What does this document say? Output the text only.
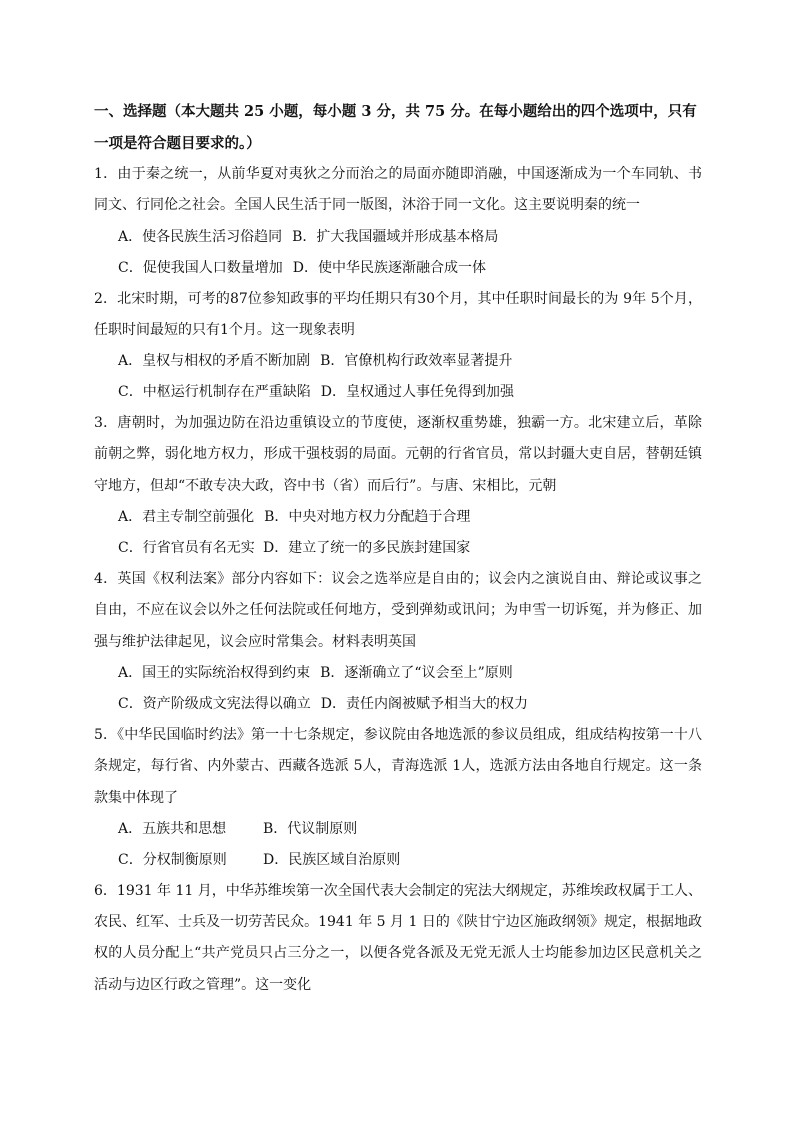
一、选择题（本大题共 25 小题，每小题 3 分，共 75 分。在每小题给出的四个选项中，只有一项是符合题目要求的。）

1．由于秦之统一，从前华夏对夷狄之分而治之的局面亦随即消融，中国逐渐成为一个车同轨、书同文、行同伦之社会。全国人民生活于同一版图，沐浴于同一文化。这主要说明秦的统一

A．使各民族生活习俗趋同 B．扩大我国疆域并形成基本格局
C．促使我国人口数量增加 D．使中华民族逐渐融合成一体

2．北宋时期，可考的87位参知政事的平均任期只有30个月，其中任职时间最长的为 9年 5个月，任职时间最短的只有1个月。这一现象表明

A．皇权与相权的矛盾不断加剧 B．官僚机构行政效率显著提升
C．中枢运行机制存在严重缺陷 D．皇权通过人事任免得到加强

3．唐朝时，为加强边防在沿边重镇设立的节度使，逐渐权重势雄，独霸一方。北宋建立后，革除前朝之弊，弱化地方权力，形成干强枝弱的局面。元朝的行省官员，常以封疆大吏自居，替朝廷镇守地方，但却“不敢专决大政，咨中书（省）而后行”。与唐、宋相比，元朝

A．君主专制空前强化 B．中央对地方权力分配趋于合理
C．行省官员有名无实 D．建立了统一的多民族封建国家

4．英国《权利法案》部分内容如下：议会之选举应是自由的；议会内之演说自由、辩论或议事之自由，不应在议会以外之任何法院或任何地方，受到弹劾或讯问；为申雪一切诉冤，并为修正、加强与维护法律起见，议会应时常集会。材料表明英国

A．国王的实际统治权得到约束 B．逐渐确立了“议会至上”原则
C．资产阶级成文宪法得以确立 D．责任内阁被赋予相当大的权力

5．《中华民国临时约法》第一十七条规定，参议院由各地选派的参议员组成，组成结构按第一十八条规定，每行省、内外蒙古、西藏各选派 5人，青海选派 1人，选派方法由各地自行规定。这一条款集中体现了

A．五族共和思想	B．代议制原则
C．分权制衡原则	D．民族区域自治原则

6．1931 年 11 月，中华苏维埃第一次全国代表大会制定的宪法大纲规定，苏维埃政权属于工人、农民、红军、士兵及一切劳苦民众。1941 年 5 月 1 日的《陕甘宁边区施政纲领》规定，根据地政权的人员分配上“共产党员只占三分之一，以便各党各派及无党无派人士均能参加边区民意机关之活动与边区行政之管理”。这一变化
